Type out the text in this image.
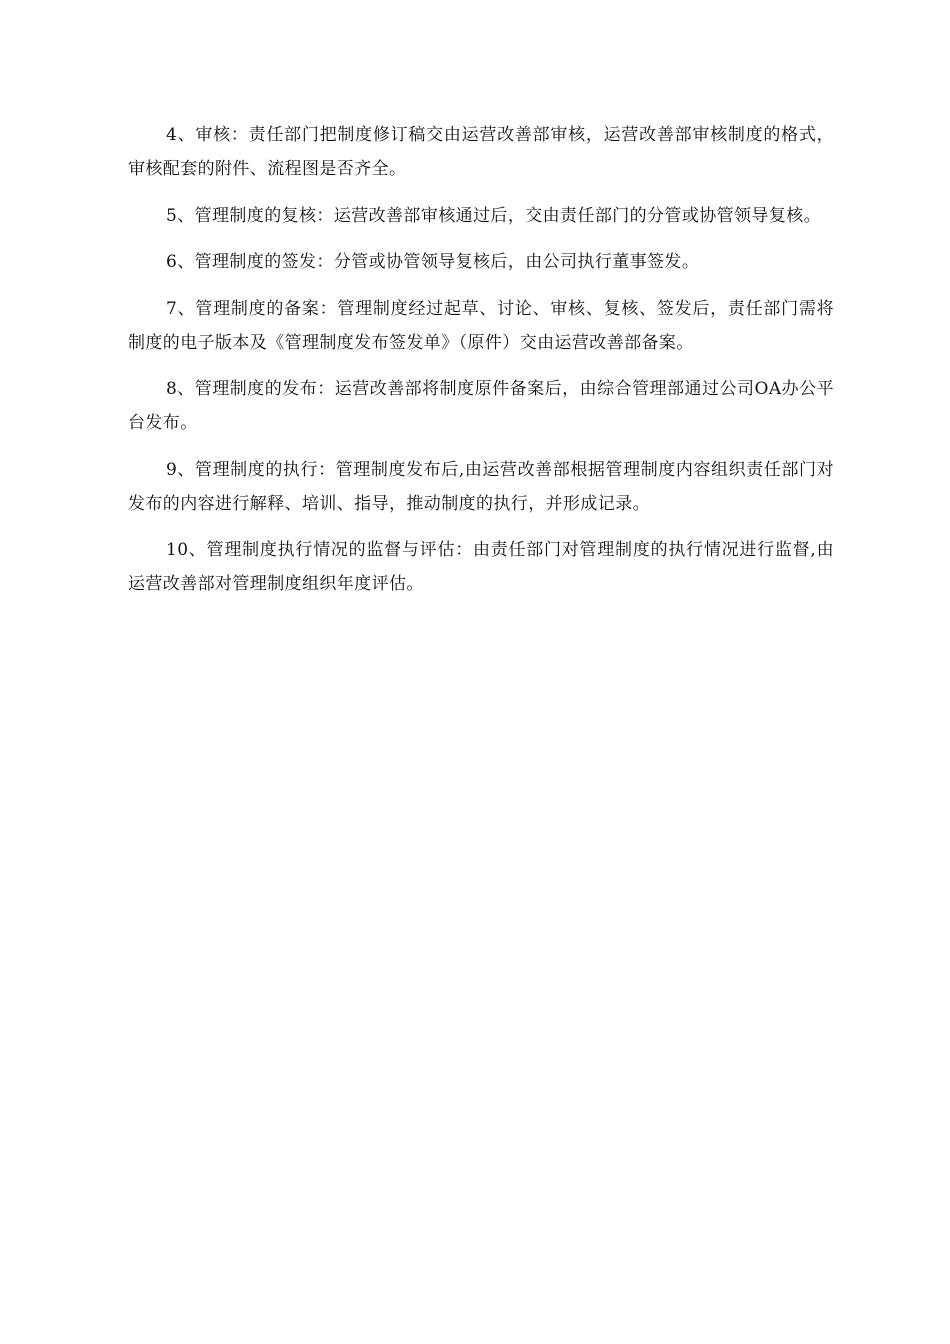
4、审核：责任部门把制度修订稿交由运营改善部审核，运营改善部审核制度的格式，审核配套的附件、流程图是否齐全。

5、管理制度的复核：运营改善部审核通过后，交由责任部门的分管或协管领导复核。

6、管理制度的签发：分管或协管领导复核后，由公司执行董事签发。

7、管理制度的备案：管理制度经过起草、讨论、审核、复核、签发后，责任部门需将制度的电子版本及《管理制度发布签发单》（原件）交由运营改善部备案。

8、管理制度的发布：运营改善部将制度原件备案后，由综合管理部通过公司OA办公平台发布。

9、管理制度的执行：管理制度发布后,由运营改善部根据管理制度内容组织责任部门对发布的内容进行解释、培训、指导，推动制度的执行，并形成记录。

10、管理制度执行情况的监督与评估：由责任部门对管理制度的执行情况进行监督,由运营改善部对管理制度组织年度评估。
